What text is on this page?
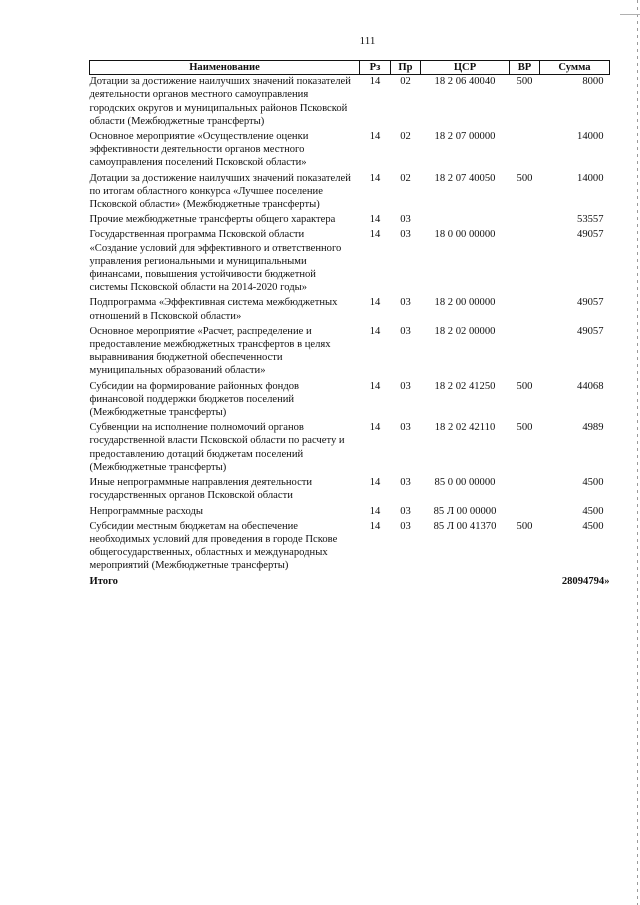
111
Наименование	Рз	Пр	ЦСР	ВР	Сумма
Дотации за достижение наилучших значений показателей деятельности органов местного самоуправления городских округов и муниципальных районов Псковской области (Межбюджетные трансферты)	14	02	18 2 06 40040	500	8000
Основное мероприятие «Осуществление оценки эффективности деятельности органов местного самоуправления поселений Псковской области»	14	02	18 2 07 00000		14000
Дотации за достижение наилучших значений показателей по итогам областного конкурса «Лучшее поселение Псковской области» (Межбюджетные трансферты)	14	02	18 2 07 40050	500	14000
Прочие межбюджетные трансферты общего характера	14	03			53557
Государственная программа Псковской области «Создание условий для эффективного и ответственного управления региональными и муниципальными финансами, повышения устойчивости бюджетной системы Псковской области на 2014-2020 годы»	14	03	18 0 00 00000		49057
Подпрограмма «Эффективная система межбюджетных отношений в Псковской области»	14	03	18 2 00 00000		49057
Основное мероприятие «Расчет, распределение и предоставление межбюджетных трансфертов в целях выравнивания бюджетной обеспеченности муниципальных образований области»	14	03	18 2 02 00000		49057
Субсидии на формирование районных фондов финансовой поддержки бюджетов поселений (Межбюджетные трансферты)	14	03	18 2 02 41250	500	44068
Субвенции на исполнение полномочий органов государственной власти Псковской области по расчету и предоставлению дотаций бюджетам поселений (Межбюджетные трансферты)	14	03	18 2 02 42110	500	4989
Иные непрограммные направления деятельности государственных органов Псковской области	14	03	85 0 00 00000		4500
Непрограммные расходы	14	03	85 Л 00 00000		4500
Субсидии местным бюджетам на обеспечение необходимых условий для проведения в городе Пскове общегосударственных, областных и международных мероприятий (Межбюджетные трансферты)	14	03	85 Л 00 41370	500	4500
Итого					28094794»
